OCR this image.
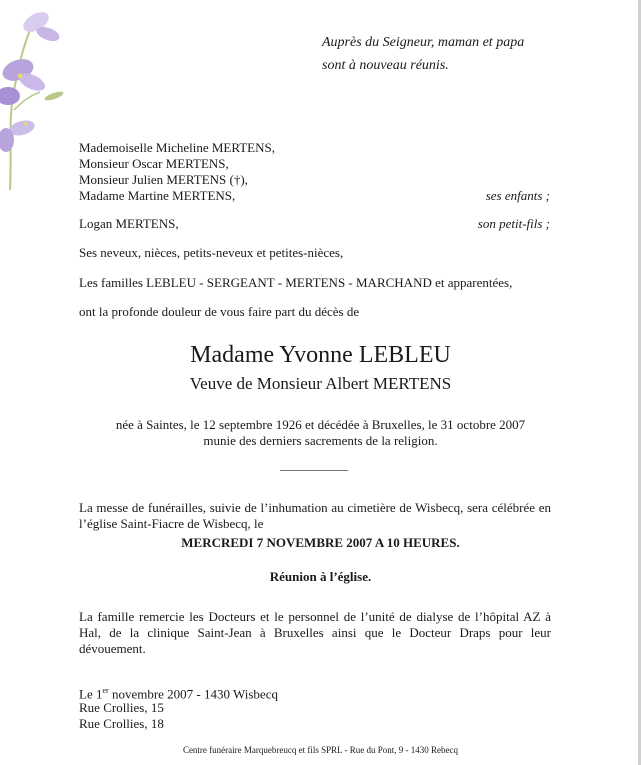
Auprès du Seigneur, maman et papa
sont à nouveau réunis.
Mademoiselle Micheline MERTENS,
Monsieur Oscar MERTENS,
Monsieur Julien MERTENS (†),
Madame Martine MERTENS,	ses enfants ;
Logan MERTENS,	son petit-fils ;
Ses neveux, nièces, petits-neveux et petites-nièces,
Les familles LEBLEU - SERGEANT - MERTENS - MARCHAND et apparentées,
ont la profonde douleur de vous faire part du décès de
Madame Yvonne LEBLEU
Veuve de Monsieur Albert MERTENS
née à Saintes, le 12 septembre 1926 et décédée à Bruxelles, le 31 octobre 2007
munie des derniers sacrements de la religion.
La messe de funérailles, suivie de l’inhumation au cimetière de Wisbecq, sera célébrée en l’église Saint-Fiacre de Wisbecq, le
MERCREDI 7 NOVEMBRE 2007 A 10 HEURES.
Réunion à l’église.
La famille remercie les Docteurs et le personnel de l’unité de dialyse de l’hôpital AZ à Hal, de la clinique Saint-Jean à Bruxelles ainsi que le Docteur Draps pour leur dévouement.
Le 1er novembre 2007 - 1430 Wisbecq
Rue Crollies, 15
Rue Crollies, 18
Centre funéraire Marquebreucq et fils SPRL - Rue du Pont, 9 - 1430 Rebecq
